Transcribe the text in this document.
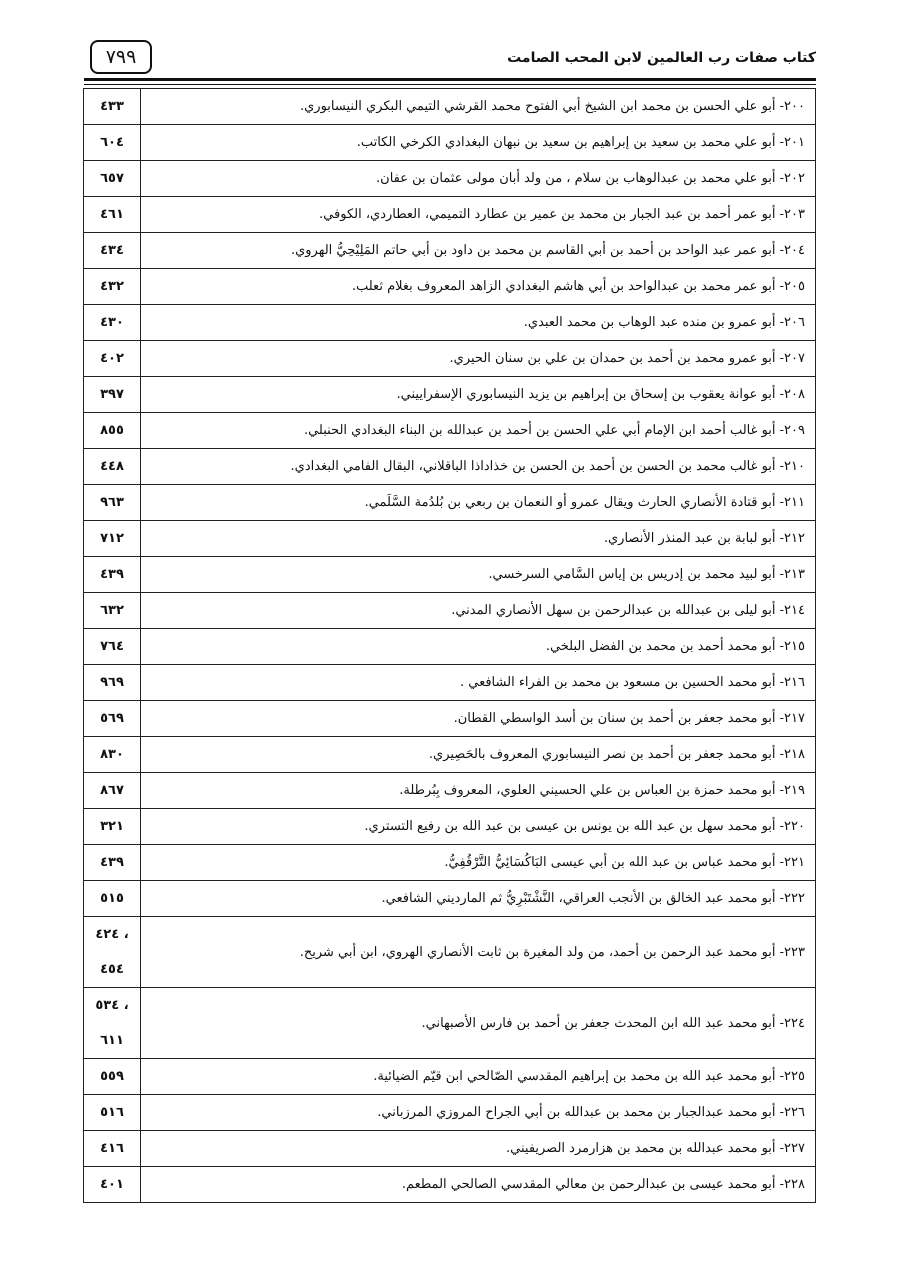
٧٩٩	كتاب صفات رب العالمين لابن المحب الصامت
٤٣٣	٢٠٠- أبو علي الحسن بن محمد ابن الشيخ أبي الفتوح محمد القرشي التيمي البكري النيسابوري.

٦٠٤	٢٠١- أبو علي محمد بن سعيد بن إبراهيم بن سعيد بن نبهان البغدادي الكرخي الكاتب.

٦٥٧	٢٠٢- أبو علي محمد بن عبدالوهاب بن سلام ، من ولد أبان مولى عثمان بن عفان.

٤٦١	٢٠٣- أبو عمر أحمد بن عبد الجبار بن محمد بن عمير بن عطارد التميمي، العطاردي، الكوفي.

٤٣٤	٢٠٤- أبو عمر عبد الواحد بن أحمد بن أبي القاسم بن محمد بن داود بن أبي حاتم المَلِيْحِيُّ الهروي.

٤٣٢	٢٠٥- أبو عمر محمد بن عبدالواحد بن أبي هاشم البغدادي الزاهد المعروف بغلام ثعلب.

٤٣٠	٢٠٦- أبو عمرو بن منده عبد الوهاب بن محمد العبدي.

٤٠٢	٢٠٧- أبو عمرو محمد بن أحمد بن حمدان بن علي بن سنان الحيري.

٣٩٧	٢٠٨- أبو عوانة يعقوب بن إسحاق بن إبراهيم بن يزيد النيسابوري الإسفراييني.

٨٥٥	٢٠٩- أبو غالب أحمد ابن الإمام أبي علي الحسن بن أحمد بن عبدالله بن البناء البغدادي الحنبلي.

٤٤٨	٢١٠- أبو غالب محمد بن الحسن بن أحمد بن الحسن بن خذاداذا الباقلاني، البقال الفامي البغدادي.

٩٦٣	٢١١- أبو قتادة الأنصاري الحارث ويقال عمرو أو النعمان بن ربعي بن بُلدُمة السَّلَمي.

٧١٢	٢١٢- أبو لبابة بن عبد المنذر الأنصاري.

٤٣٩	٢١٣- أبو لبيد محمد بن إدريس بن إياس السَّامي السرخسي.

٦٣٢	٢١٤- أبو ليلى بن عبدالله بن عبدالرحمن بن سهل الأنصاري المدني.

٧٦٤	٢١٥- أبو محمد أحمد بن محمد بن الفضل البلخي.

٩٦٩	٢١٦- أبو محمد الحسين بن مسعود بن محمد بن الفراء الشافعي .

٥٦٩	٢١٧- أبو محمد جعفر بن أحمد بن سنان بن أسد الواسطي القطان.

٨٣٠	٢١٨- أبو محمد جعفر بن أحمد بن نصر النيسابوري المعروف بالحَصِيري.

٨٦٧	٢١٩- أبو محمد حمزة بن العباس بن علي الحسيني العلوي، المعروف بِبُرطلة.

٣٢١	٢٢٠- أبو محمد سهل بن عبد الله بن يونس بن عيسى بن عبد الله بن رفيع التستري.

٤٣٩	٢٢١- أبو محمد عباس بن عبد الله بن أبي عيسى البَاكُسَائِيُّ التَّرْقُفِيُّ.

٥١٥	٢٢٢- أبو محمد عبد الخالق بن الأنجب العراقي، النَّشْتَبْرِيُّ ثم الماردیني الشافعي.

٤٢٤ ،
٤٥٤	٢٢٣- أبو محمد عبد الرحمن بن أحمد، من ولد المغيرة بن ثابت الأنصاري الهروي، ابن أبي شريح.

٥٣٤ ،
٦١١	٢٢٤- أبو محمد عبد الله ابن المحدث جعفر بن أحمد بن فارس الأصبهاني.

٥٥٩	٢٢٥- أبو محمد عبد الله بن محمد بن إبراهيم المقدسي الصّالحي ابن قيّم الضيائية.

٥١٦	٢٢٦- أبو محمد عبدالجبار بن محمد بن عبدالله بن أبي الجراح المروزي المرزباني.

٤١٦	٢٢٧- أبو محمد عبدالله بن محمد بن هزارمرد الصريفيني.

٤٠١	٢٢٨- أبو محمد عيسى بن عبدالرحمن بن معالي المقدسي الصالحي المطعم.
